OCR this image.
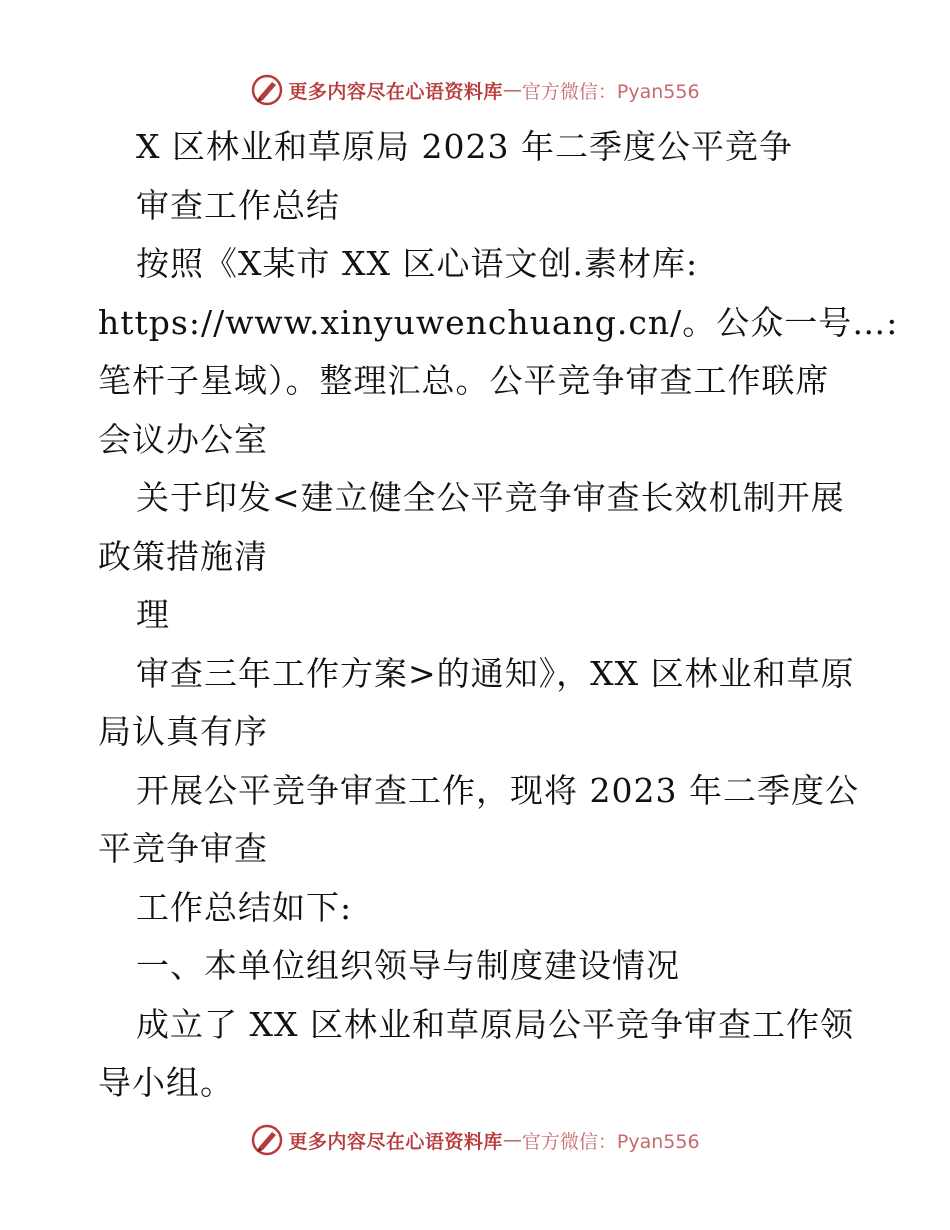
更多内容尽在心语资料库 — 官方微信：Pyan556
X 区林业和草原局 2023 年二季度公平竞争
审查工作总结
按照《X某市 XX 区心语文创.素材库:
https://www.xinyuwenchuang.cn/。公众一号…:
笔杆子星域）。整理汇总。公平竞争审查工作联席
会议办公室
关于印发<建立健全公平竞争审查长效机制开展
政策措施清
理
审查三年工作方案>的通知》，XX 区林业和草原
局认真有序
开展公平竞争审查工作，现将 2023 年二季度公
平竞争审查
工作总结如下:
一、本单位组织领导与制度建设情况
成立了 XX 区林业和草原局公平竞争审查工作领
导小组。
更多内容尽在心语资料库 — 官方微信：Pyan556
